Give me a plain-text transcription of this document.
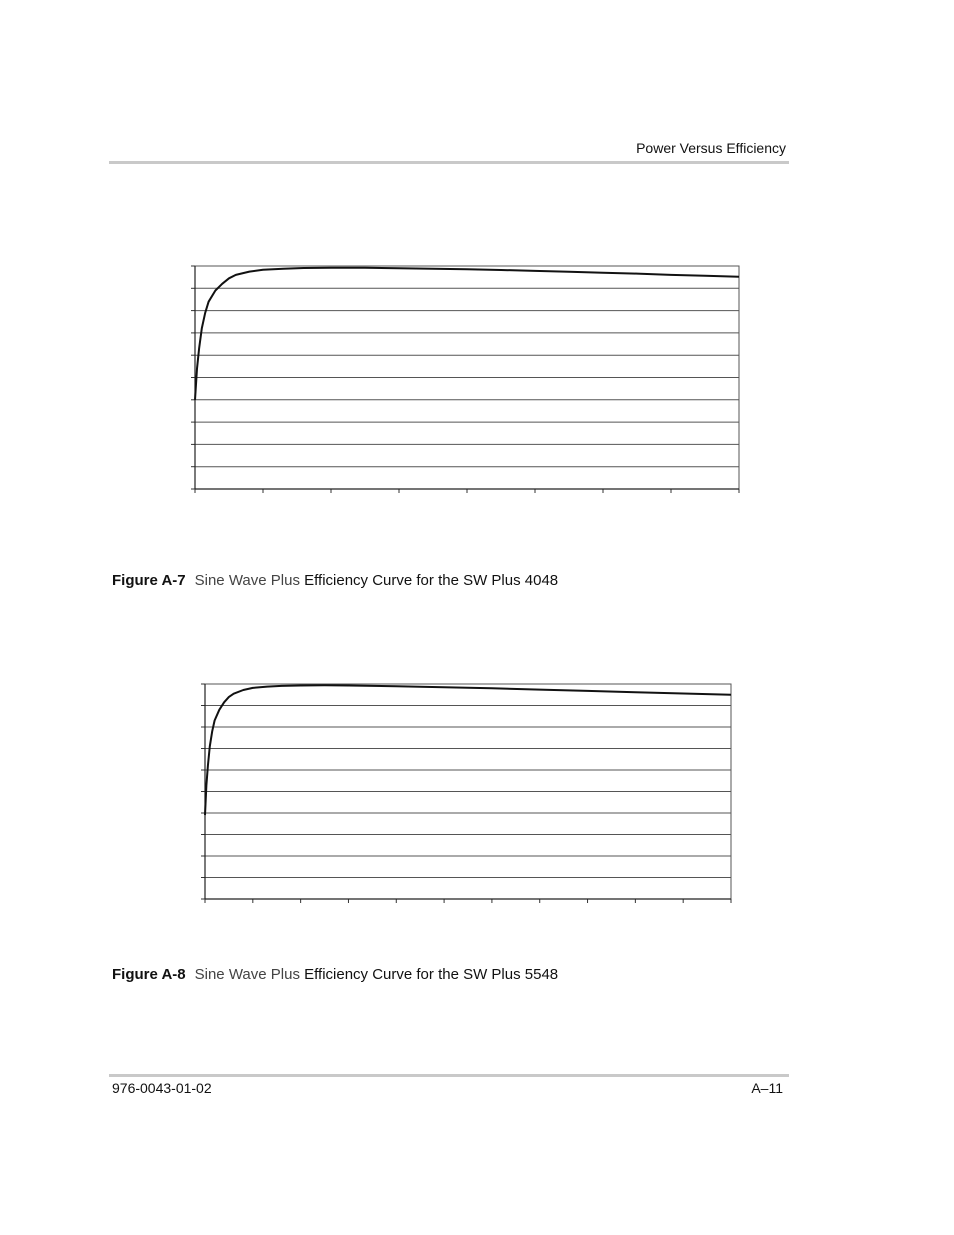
Power Versus Efficiency
Figure A-7 Sine Wave Plus Efficiency Curve for the SW Plus 4048
Figure A-8 Sine Wave Plus Efficiency Curve for the SW Plus 5548
976-0043-01-02	A–11
